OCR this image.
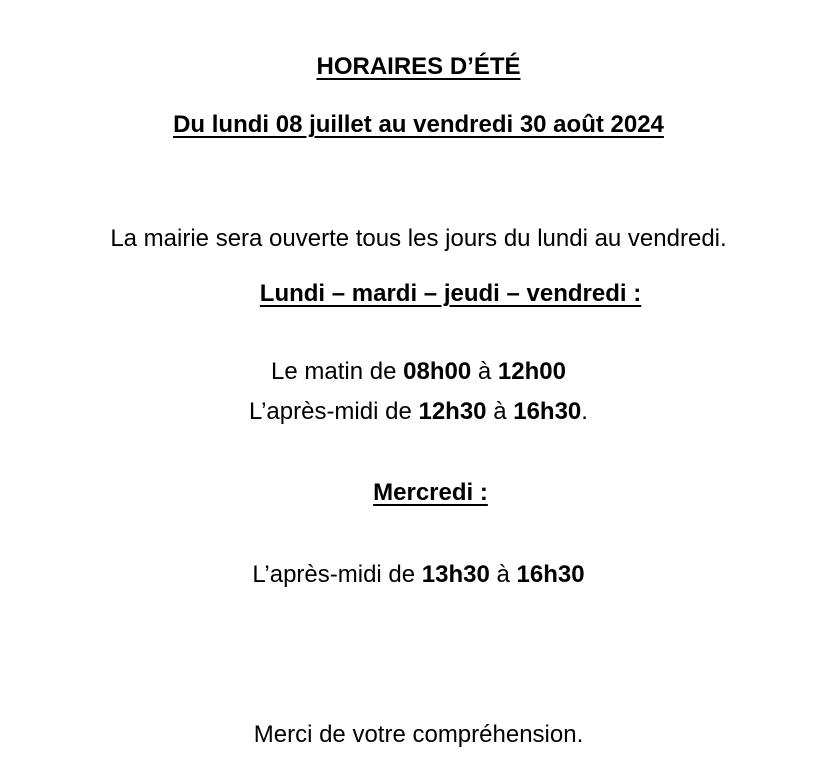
HORAIRES D’ÉTÉ
Du lundi 08 juillet au vendredi 30 août 2024
La mairie sera ouverte tous les jours du lundi au vendredi.
Lundi – mardi – jeudi – vendredi :
Le matin de 08h00 à 12h00
L’après-midi de 12h30 à 16h30.
Mercredi :
L’après-midi de 13h30 à 16h30
Merci de votre compréhension.
